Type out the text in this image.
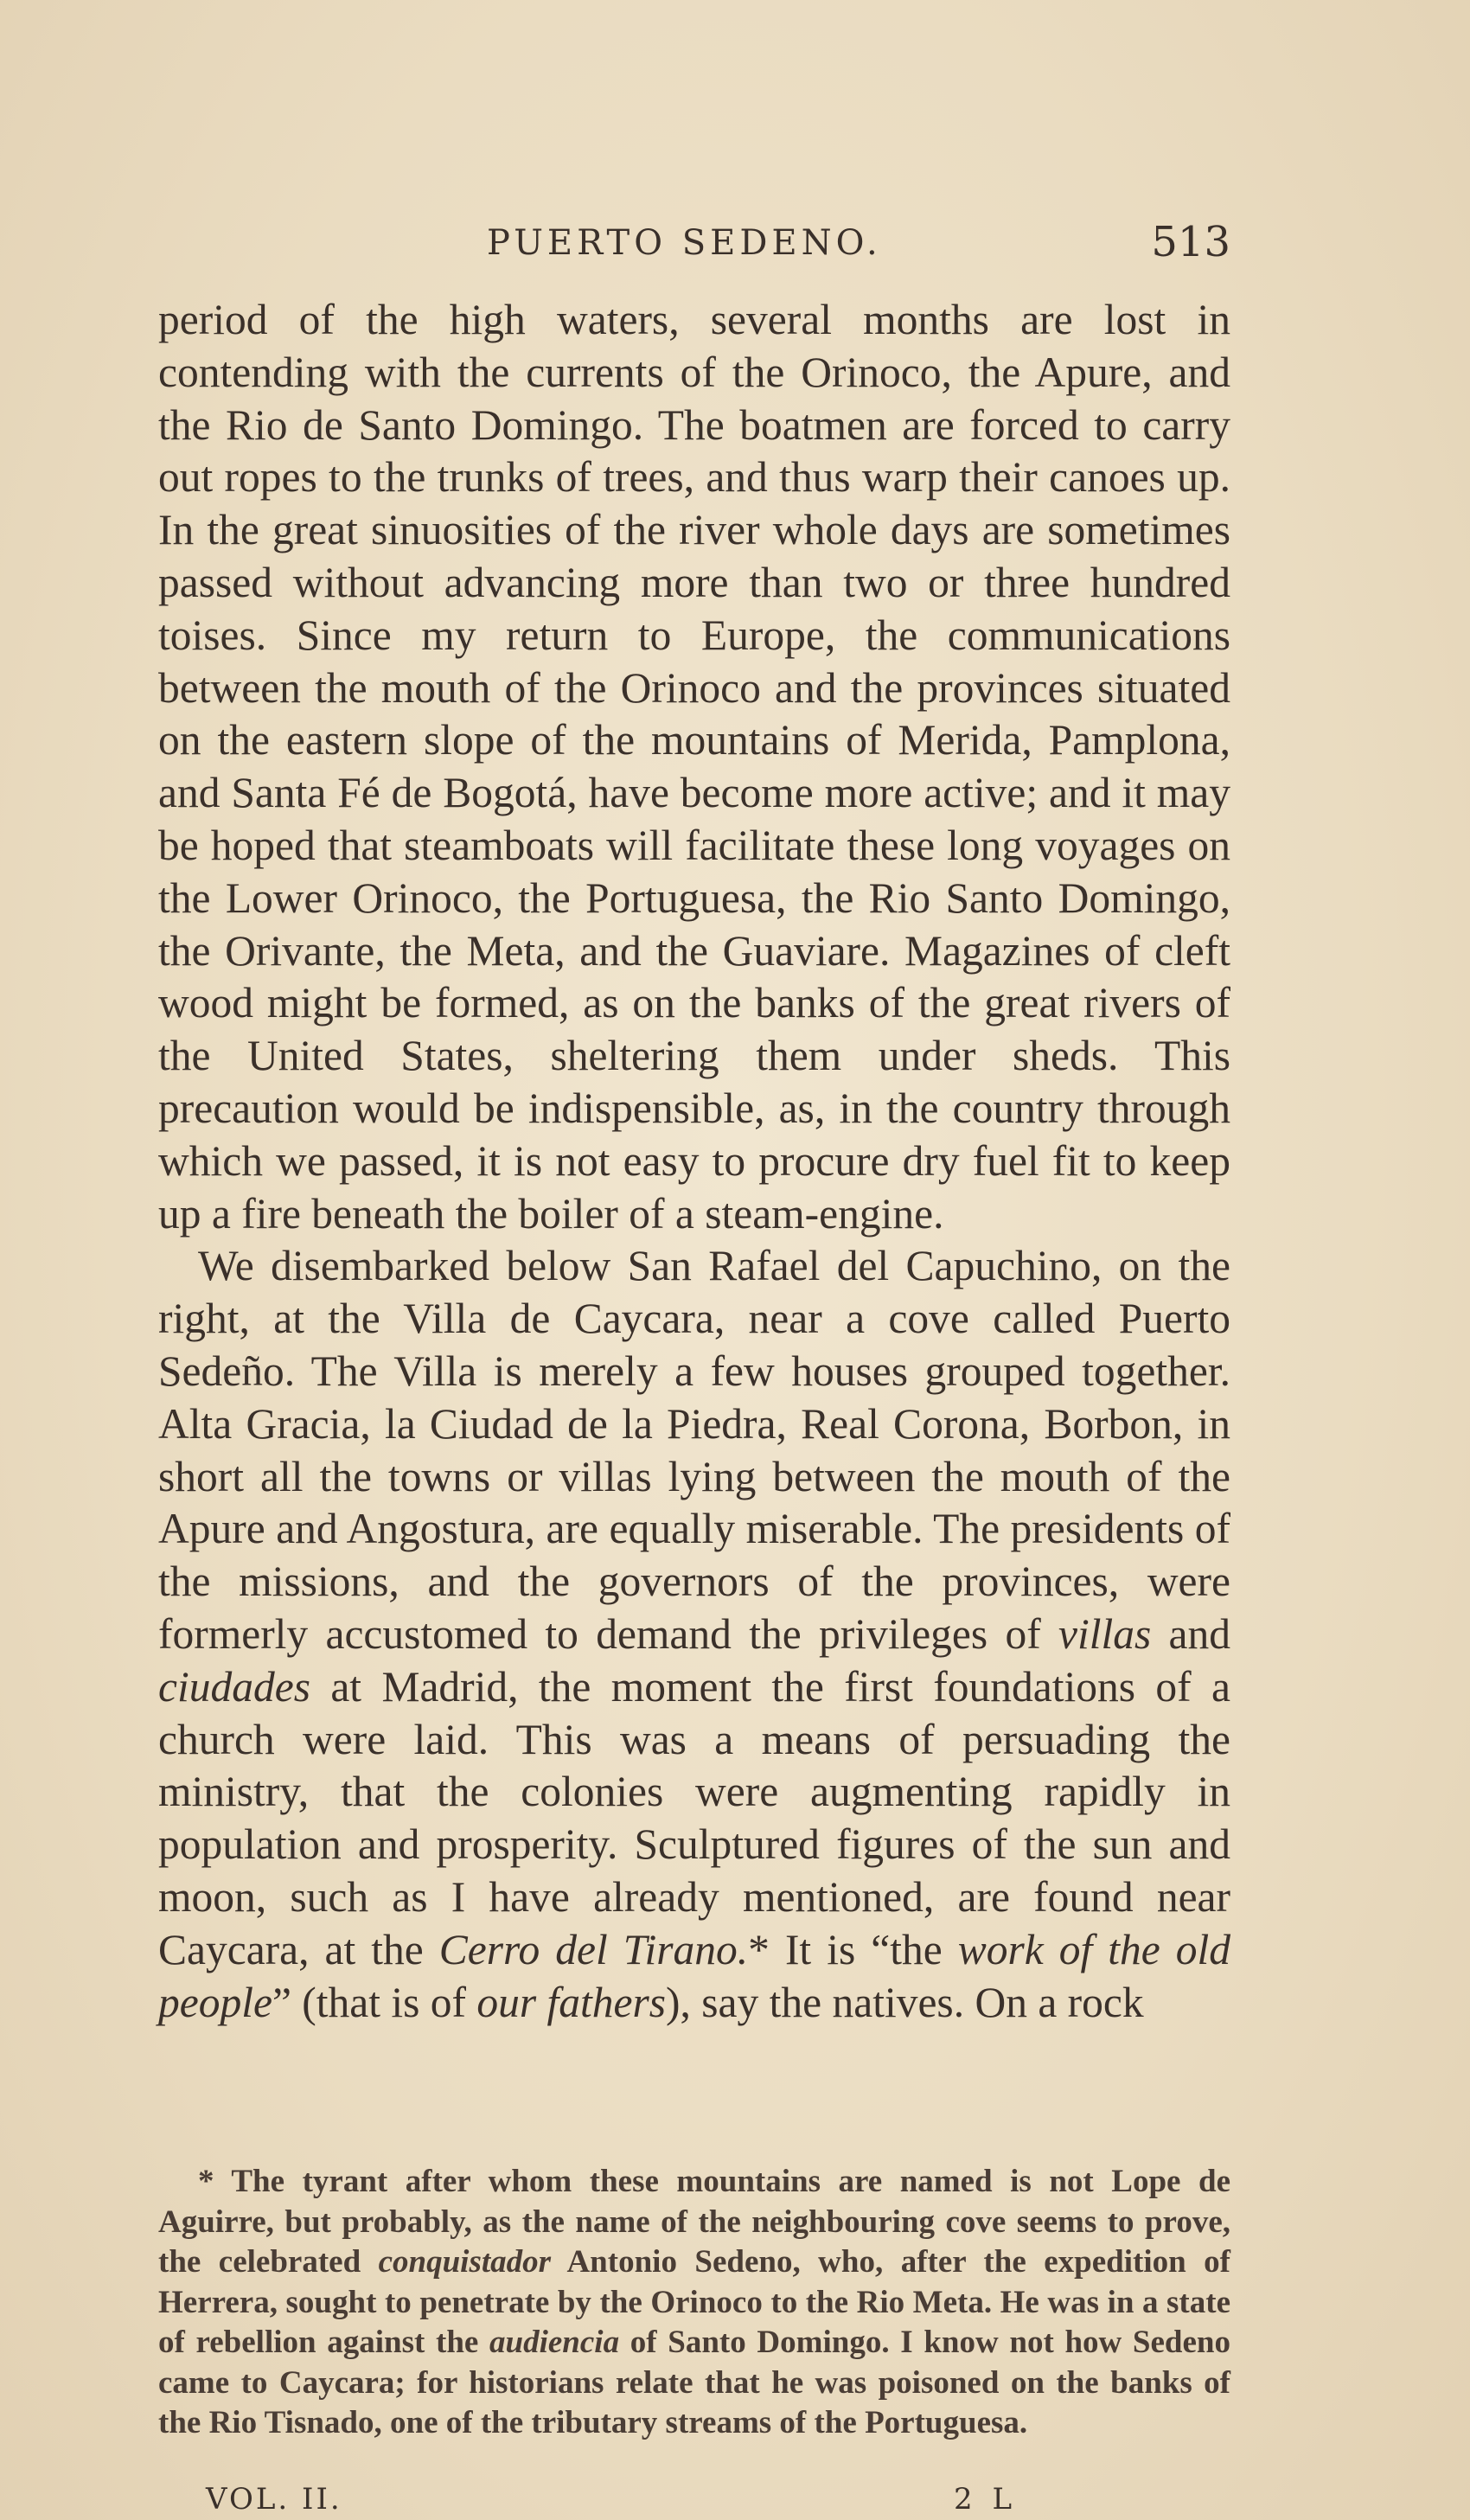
PUERTO SEDENO.	513

period of the high waters, several months are lost in contending with the currents of the Orinoco, the Apure, and the Rio de Santo Domingo. The boatmen are forced to carry out ropes to the trunks of trees, and thus warp their canoes up. In the great sinuosities of the river whole days are sometimes passed without advancing more than two or three hundred toises. Since my return to Europe, the communications between the mouth of the Orinoco and the provinces situated on the eastern slope of the mountains of Merida, Pamplona, and Santa Fé de Bogotá, have become more active; and it may be hoped that steamboats will facilitate these long voyages on the Lower Orinoco, the Portuguesa, the Rio Santo Domingo, the Orivante, the Meta, and the Guaviare. Magazines of cleft wood might be formed, as on the banks of the great rivers of the United States, sheltering them under sheds. This precaution would be indispensible, as, in the country through which we passed, it is not easy to procure dry fuel fit to keep up a fire beneath the boiler of a steam-engine.

We disembarked below San Rafael del Capuchino, on the right, at the Villa de Caycara, near a cove called Puerto Sedeño. The Villa is merely a few houses grouped together. Alta Gracia, la Ciudad de la Piedra, Real Corona, Borbon, in short all the towns or villas lying between the mouth of the Apure and Angostura, are equally miserable. The presidents of the missions, and the governors of the provinces, were formerly accustomed to demand the privileges of villas and ciudades at Madrid, the moment the first foundations of a church were laid. This was a means of persuading the ministry, that the colonies were augmenting rapidly in population and prosperity. Sculptured figures of the sun and moon, such as I have already mentioned, are found near Caycara, at the Cerro del Tirano.* It is “the work of the old people” (that is of our fathers), say the natives. On a rock

* The tyrant after whom these mountains are named is not Lope de Aguirre, but probably, as the name of the neighbouring cove seems to prove, the celebrated conquistador Antonio Sedeno, who, after the expedition of Herrera, sought to penetrate by the Orinoco to the Rio Meta. He was in a state of rebellion against the audiencia of Santo Domingo. I know not how Sedeno came to Caycara; for historians relate that he was poisoned on the banks of the Rio Tisnado, one of the tributary streams of the Portuguesa.

VOL. II.	2 L
